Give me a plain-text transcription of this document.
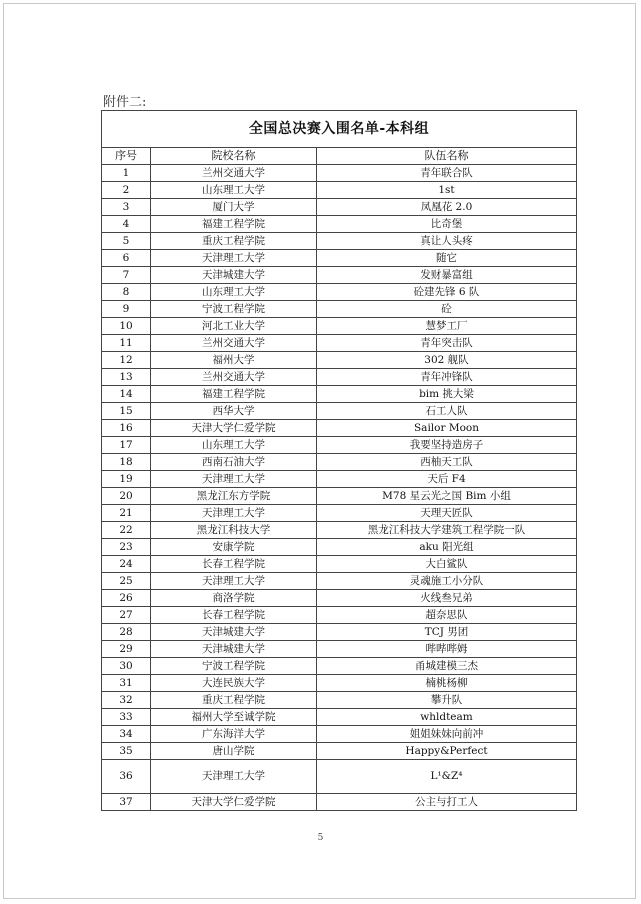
附件二:
全国总决赛入围名单-本科组		
序号	院校名称	队伍名称
1	兰州交通大学	青年联合队
2	山东理工大学	1st
3	厦门大学	凤凰花 2.0
4	福建工程学院	比奇堡
5	重庆工程学院	真让人头疼
6	天津理工大学	随它
7	天津城建大学	发财暴富组
8	山东理工大学	砼建先锋 6 队
9	宁波工程学院	砼
10	河北工业大学	慧梦工厂
11	兰州交通大学	青年突击队
12	福州大学	302 舰队
13	兰州交通大学	青年冲锋队
14	福建工程学院	bim 挑大梁
15	西华大学	石工人队
16	天津大学仁爱学院	Sailor Moon
17	山东理工大学	我要坚持造房子
18	西南石油大学	西柚天工队
19	天津理工大学	天后 F4
20	黑龙江东方学院	M78 星云光之国 Bim 小组
21	天津理工大学	天理天匠队
22	黑龙江科技大学	黑龙江科技大学建筑工程学院一队
23	安康学院	aku 阳光组
24	长春工程学院	大白鲨队
25	天津理工大学	灵魂施工小分队
26	商洛学院	火线叁兄弟
27	长春工程学院	超奈思队
28	天津城建大学	TCJ 男团
29	天津城建大学	哔哔哔姆
30	宁波工程学院	甬城建模三杰
31	大连民族大学	楠桃杨柳
32	重庆工程学院	攀升队
33	福州大学至诚学院	whldteam
34	广东海洋大学	姐姐妹妹向前冲
35	唐山学院	Happy&Perfect
36	天津理工大学	L¹&Z⁴
37	天津大学仁爱学院	公主与打工人
5
